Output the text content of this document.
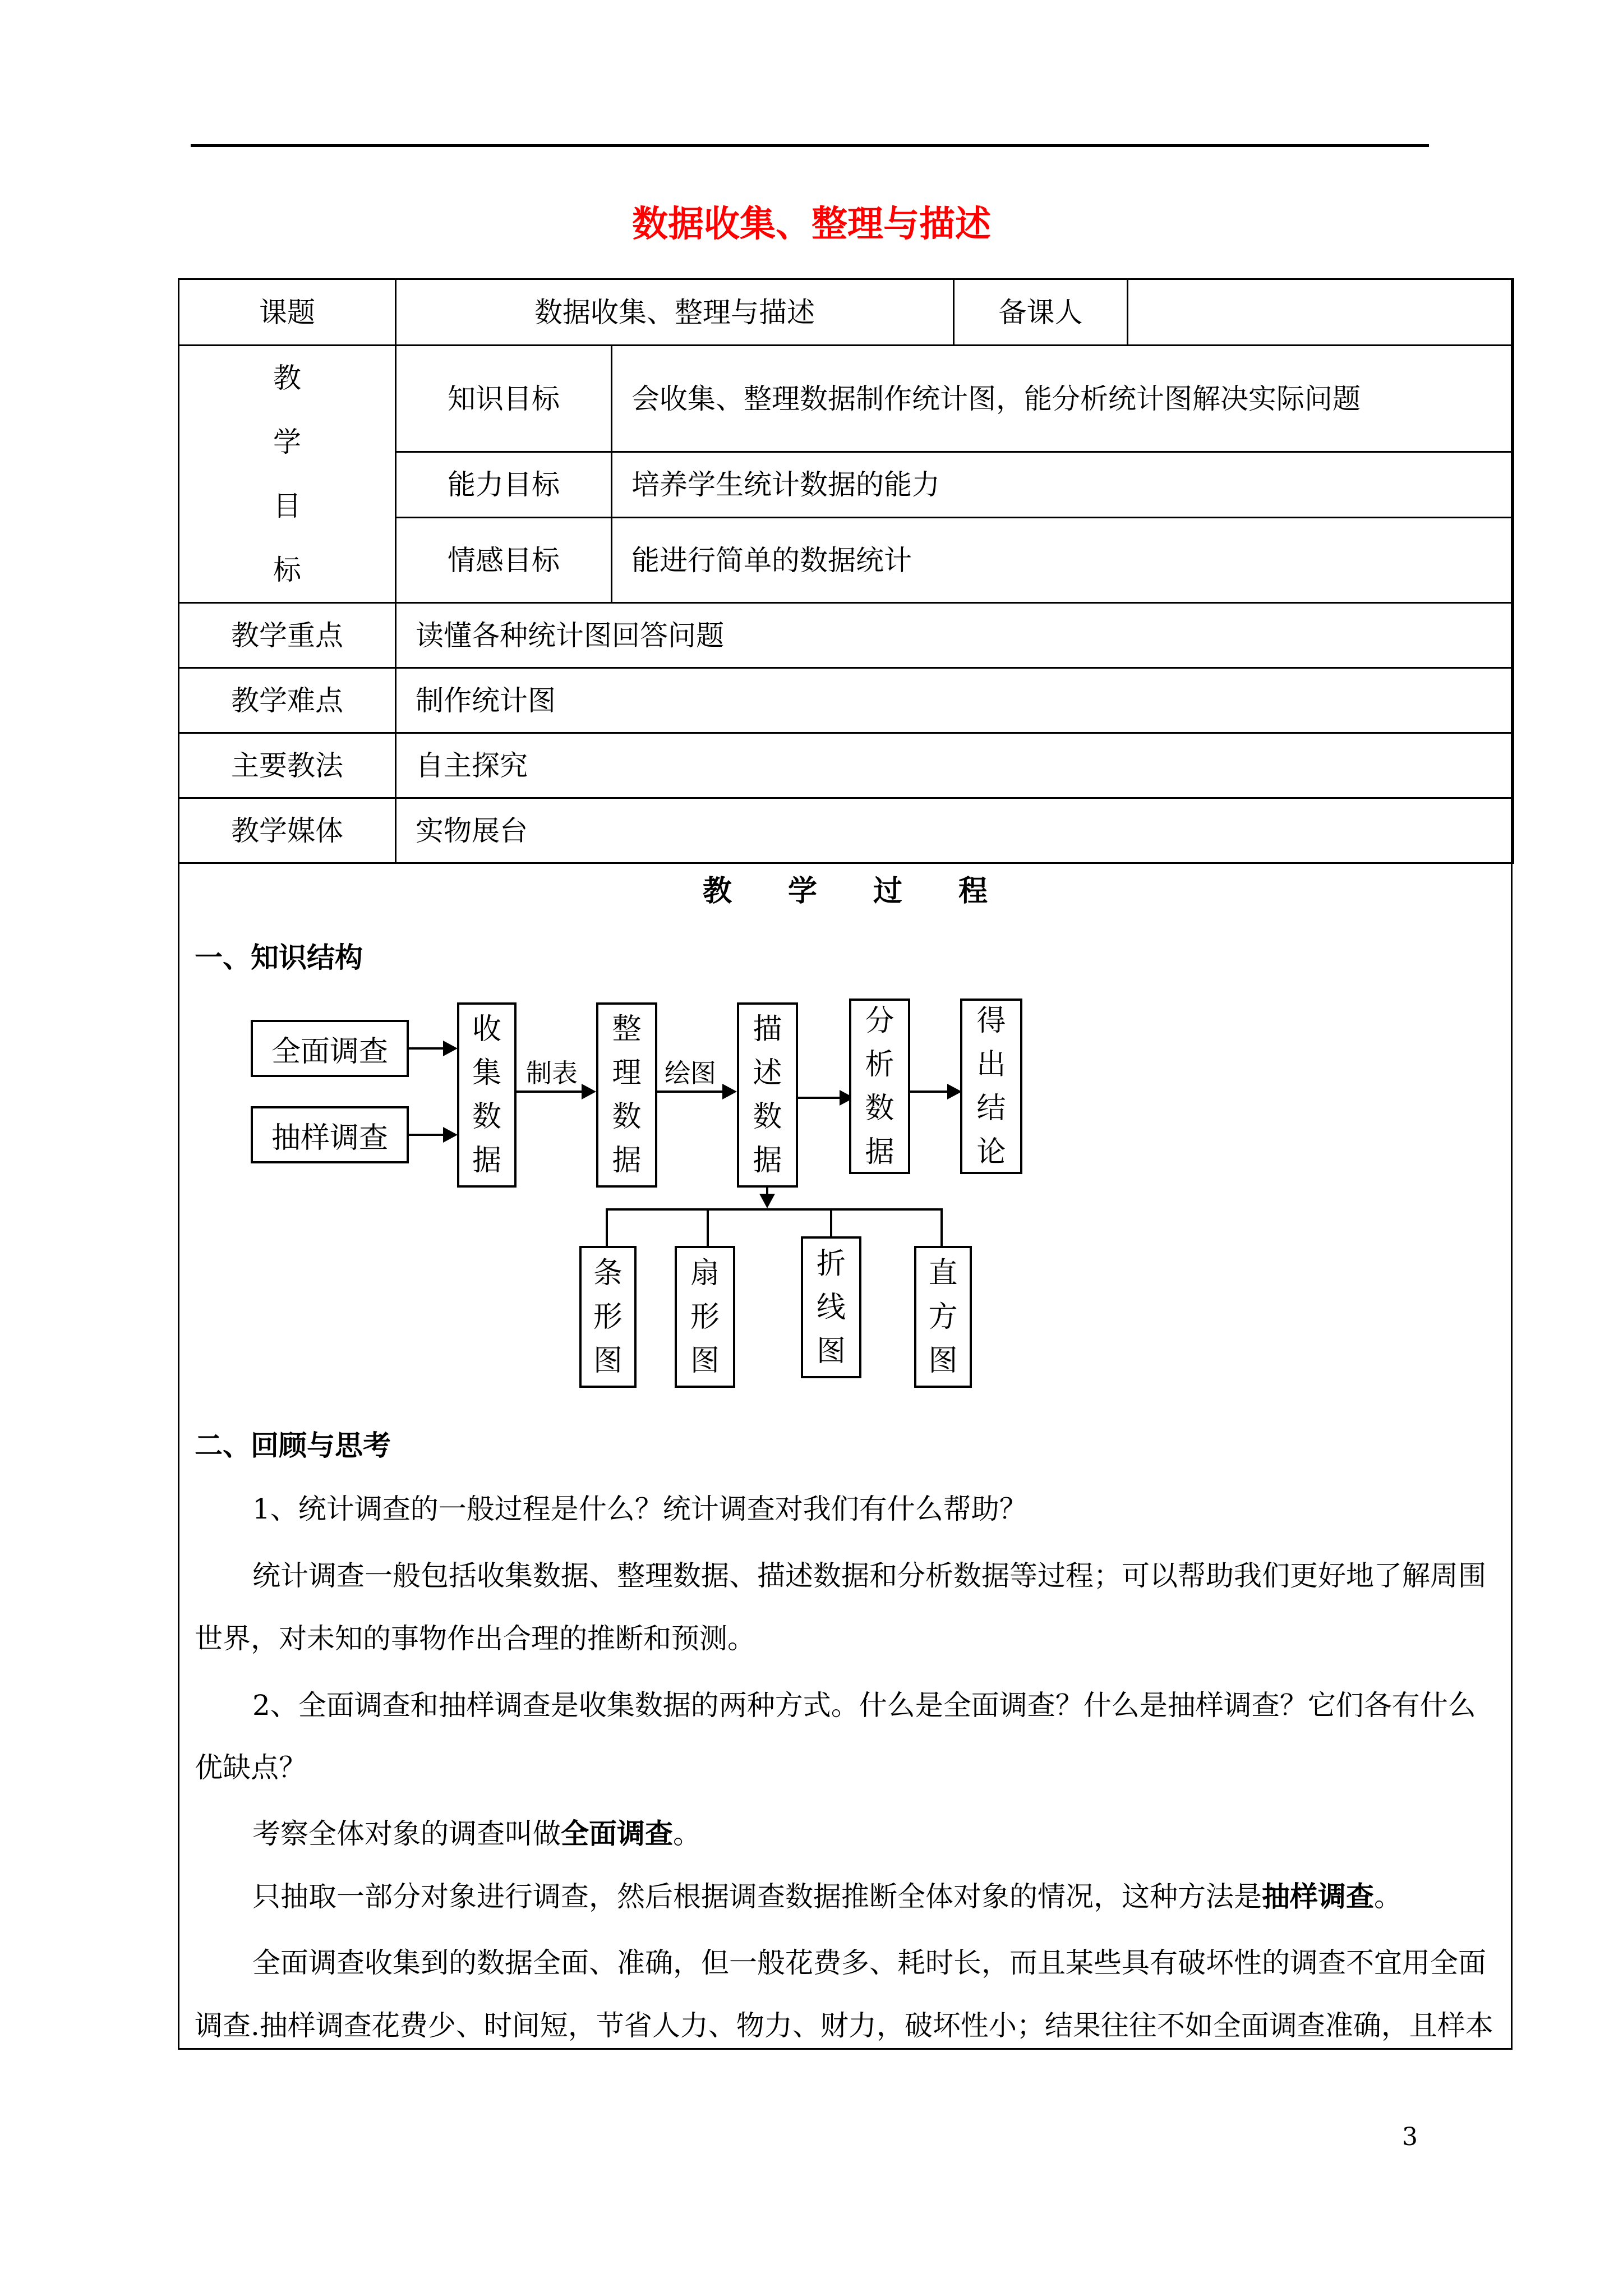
数据收集、整理与描述
课题	数据收集、整理与描述		备课人	

教
学
目
标	知识目标	会收集、整理数据制作统计图，能分析统计图解决实际问题		
	能力目标	培养学生统计数据的能力		
	情感目标	能进行简单的数据统计		
教学重点	读懂各种统计图回答问题			
教学难点	制作统计图			
主要教法	自主探究			
教学媒体	实物展台			
教学过程
一、知识结构
全面调查
抽样调查
收
集
数
据
制表
整
理
数
据
绘图
描
述
数
据
分
析
数
据
得
出
结
论
条
形
图
扇
形
图
折
线
图
直
方
图
二、回顾与思考
1、统计调查的一般过程是什么？统计调查对我们有什么帮助？
统计调查一般包括收集数据、整理数据、描述数据和分析数据等过程；可以帮助我们更好地了解周围
世界，对未知的事物作出合理的推断和预测。
2、全面调查和抽样调查是收集数据的两种方式。什么是全面调查？什么是抽样调查？它们各有什么
优缺点？
考察全体对象的调查叫做全面调查。
只抽取一部分对象进行调查，然后根据调查数据推断全体对象的情况，这种方法是抽样调查。
全面调查收集到的数据全面、准确，但一般花费多、耗时长，而且某些具有破坏性的调查不宜用全面
调查.抽样调查花费少、时间短，节省人力、物力、财力，破坏性小；结果往往不如全面调查准确，且样本
3
